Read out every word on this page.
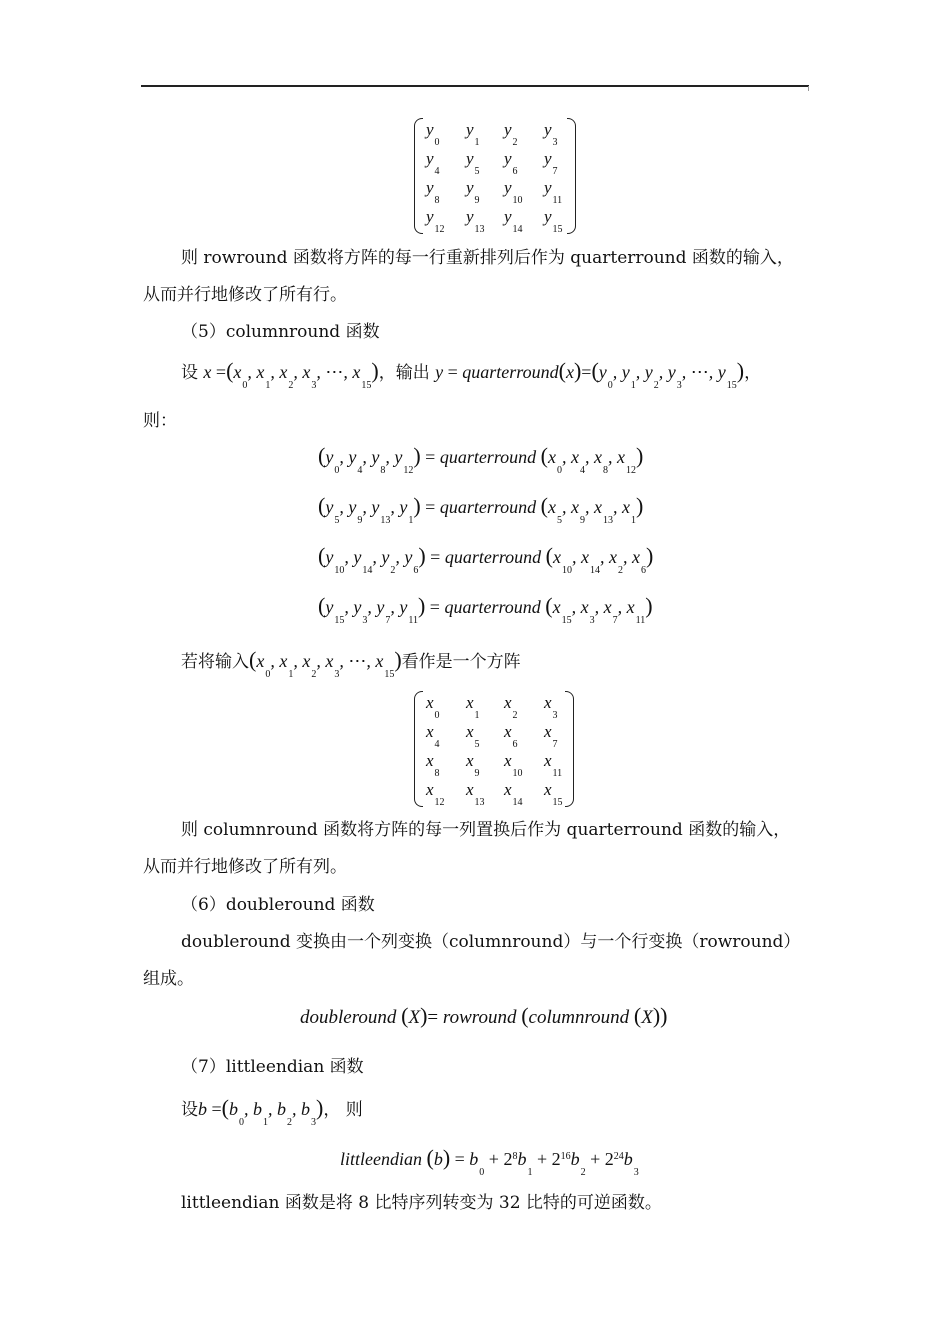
$y_0$
$y_1$
$y_2$
$y_3$
$y_4$
$y_5$
$y_6$
$y_7$
$y_8$
$y_9$
$y_{10}$
$y_{11}$
$y_{12}$
$y_{13}$
$y_{14}$
$y_{15}$
则 rowround 函数将方阵的每一行重新排列后作为 quarterround 函数的输入，
从而并行地修改了所有行。
（5）columnround 函数
设 $x =(x_0$, $x_1$, $x_2$, $x_3$, ⋯, $x_{15}$)，输出 $y = quarterround(x)=(y_0$, $y_1$, $y_2$, $y_3$, ⋯, $y_{15}$)，
则：
($y_0$, $y_4$, $y_8$, $y_{12}$) = quarterround ($x_0$, $x_4$, $x_8$, $x_{12}$)
($y_5$, $y_9$, $y_{13}$, $y_1$) = quarterround ($x_5$, $x_9$, $x_{13}$, $x_1$)
($y_{10}$, $y_{14}$, $y_2$, $y_6$) = quarterround ($x_{10}$, $x_{14}$, $x_2$, $x_6$)
($y_{15}$, $y_3$, $y_7$, $y_{11}$) = quarterround ($x_{15}$, $x_3$, $x_7$, $x_{11}$)
若将输入($x_0$, $x_1$, $x_2$, $x_3$, ⋯, $x_{15}$)看作是一个方阵
$x_0$
$x_1$
$x_2$
$x_3$
$x_4$
$x_5$
$x_6$
$x_7$
$x_8$
$x_9$
$x_{10}$
$x_{11}$
$x_{12}$
$x_{13}$
$x_{14}$
$x_{15}$
则 columnround 函数将方阵的每一列置换后作为 quarterround 函数的输入，
从而并行地修改了所有列。
（6）doubleround 函数
doubleround 变换由一个列变换（columnround）与一个行变换（rowround）
组成。
doubleround (X)= rowround (columnround (X))
（7）littleendian 函数
设$b =(b_0$, $b_1$, $b_2$, $b_3$)， 则
littleendian $(b) = b_0 + 2^8b_1 + 2^{16}b_2 + 2^{24}b_3$
littleendian 函数是将 8 比特序列转变为 32 比特的可逆函数。
